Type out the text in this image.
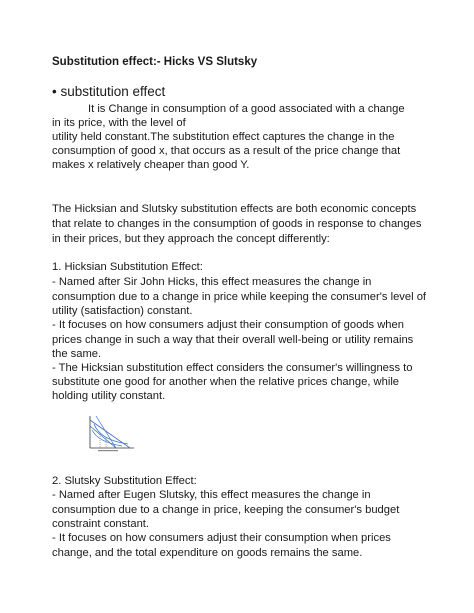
Substitution effect:- Hicks VS Slutsky
• substitution effect
It is Change in consumption of a good associated with a change
in its price, with the level of
utility held constant.The substitution effect captures the change in the
consumption of good x, that occurs as a result of the price change that
makes x relatively cheaper than good Y.
The Hicksian and Slutsky substitution effects are both economic concepts
that relate to changes in the consumption of goods in response to changes
in their prices, but they approach the concept differently:
1. Hicksian Substitution Effect:
- Named after Sir John Hicks, this effect measures the change in
consumption due to a change in price while keeping the consumer's level of
utility (satisfaction) constant.
- It focuses on how consumers adjust their consumption of goods when
prices change in such a way that their overall well-being or utility remains
the same.
- The Hicksian substitution effect considers the consumer's willingness to
substitute one good for another when the relative prices change, while
holding utility constant.
2. Slutsky Substitution Effect:
- Named after Eugen Slutsky, this effect measures the change in
consumption due to a change in price, keeping the consumer's budget
constraint constant.
- It focuses on how consumers adjust their consumption when prices
change, and the total expenditure on goods remains the same.
